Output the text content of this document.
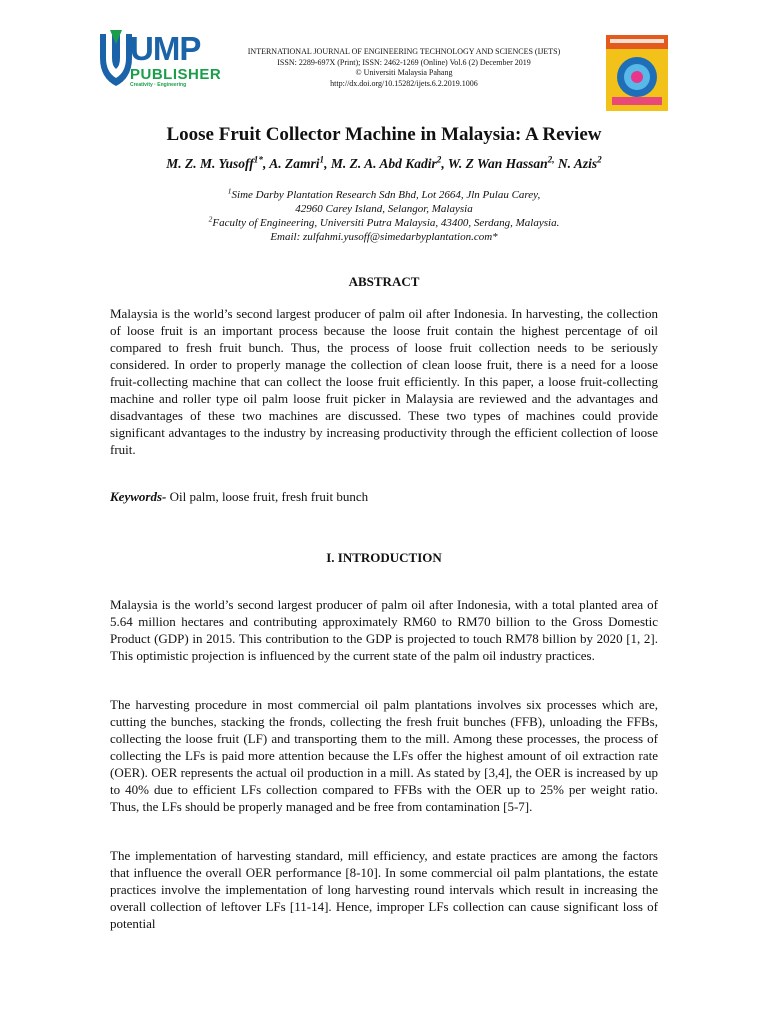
UMP
PUBLISHER
Creativity · Engineering
INTERNATIONAL JOURNAL OF ENGINEERING TECHNOLOGY AND SCIENCES (IJETS)
ISSN: 2289-697X (Print); ISSN: 2462-1269 (Online) Vol.6 (2) December 2019
© Universiti Malaysia Pahang
http://dx.doi.org/10.15282/ijets.6.2.2019.1006
Loose Fruit Collector Machine in Malaysia: A Review
M. Z. M. Yusoff$^{1*}$, A. Zamri$^1$, M. Z. A. Abd Kadir$^2$, W. Z Wan Hassan$^{2,}$ N. Azis$^2$
$^1$Sime Darby Plantation Research Sdn Bhd, Lot 2664, Jln Pulau Carey,
42960 Carey Island, Selangor, Malaysia
$^2$Faculty of Engineering, Universiti Putra Malaysia, 43400, Serdang, Malaysia.
Email: zulfahmi.yusoff@simedarbyplantation.com*
ABSTRACT

Malaysia is the world’s second largest producer of palm oil after Indonesia. In harvesting, the collection of loose fruit is an important process because the loose fruit contain the highest percentage of oil compared to fresh fruit bunch. Thus, the process of loose fruit collection needs to be seriously considered. In order to properly manage the collection of clean loose fruit, there is a need for a loose fruit-collecting machine that can collect the loose fruit efficiently. In this paper, a loose fruit-collecting machine and roller type oil palm loose fruit picker in Malaysia are reviewed and the advantages and disadvantages of these two machines are discussed. These two types of machines could provide significant advantages to the industry by increasing productivity through the efficient collection of loose fruit.

Keywords- Oil palm, loose fruit, fresh fruit bunch

I. INTRODUCTION

Malaysia is the world’s second largest producer of palm oil after Indonesia, with a total planted area of 5.64 million hectares and contributing approximately RM60 to RM70 billion to the Gross Domestic Product (GDP) in 2015. This contribution to the GDP is projected to touch RM78 billion by 2020 [1, 2]. This optimistic projection is influenced by the current state of the palm oil industry practices.

The harvesting procedure in most commercial oil palm plantations involves six processes which are, cutting the bunches, stacking the fronds, collecting the fresh fruit bunches (FFB), unloading the FFBs, collecting the loose fruit (LF) and transporting them to the mill. Among these processes, the process of collecting the LFs is paid more attention because the LFs offer the highest amount of oil extraction rate (OER). OER represents the actual oil production in a mill. As stated by [3,4], the OER is increased by up to 40% due to efficient LFs collection compared to FFBs with the OER up to 25% per weight ratio. Thus, the LFs should be properly managed and be free from contamination [5-7].

The implementation of harvesting standard, mill efficiency, and estate practices are among the factors that influence the overall OER performance [8-10]. In some commercial oil palm plantations, the estate practices involve the implementation of long harvesting round intervals which result in increasing the overall collection of leftover LFs [11-14]. Hence, improper LFs collection can cause significant loss of potential
